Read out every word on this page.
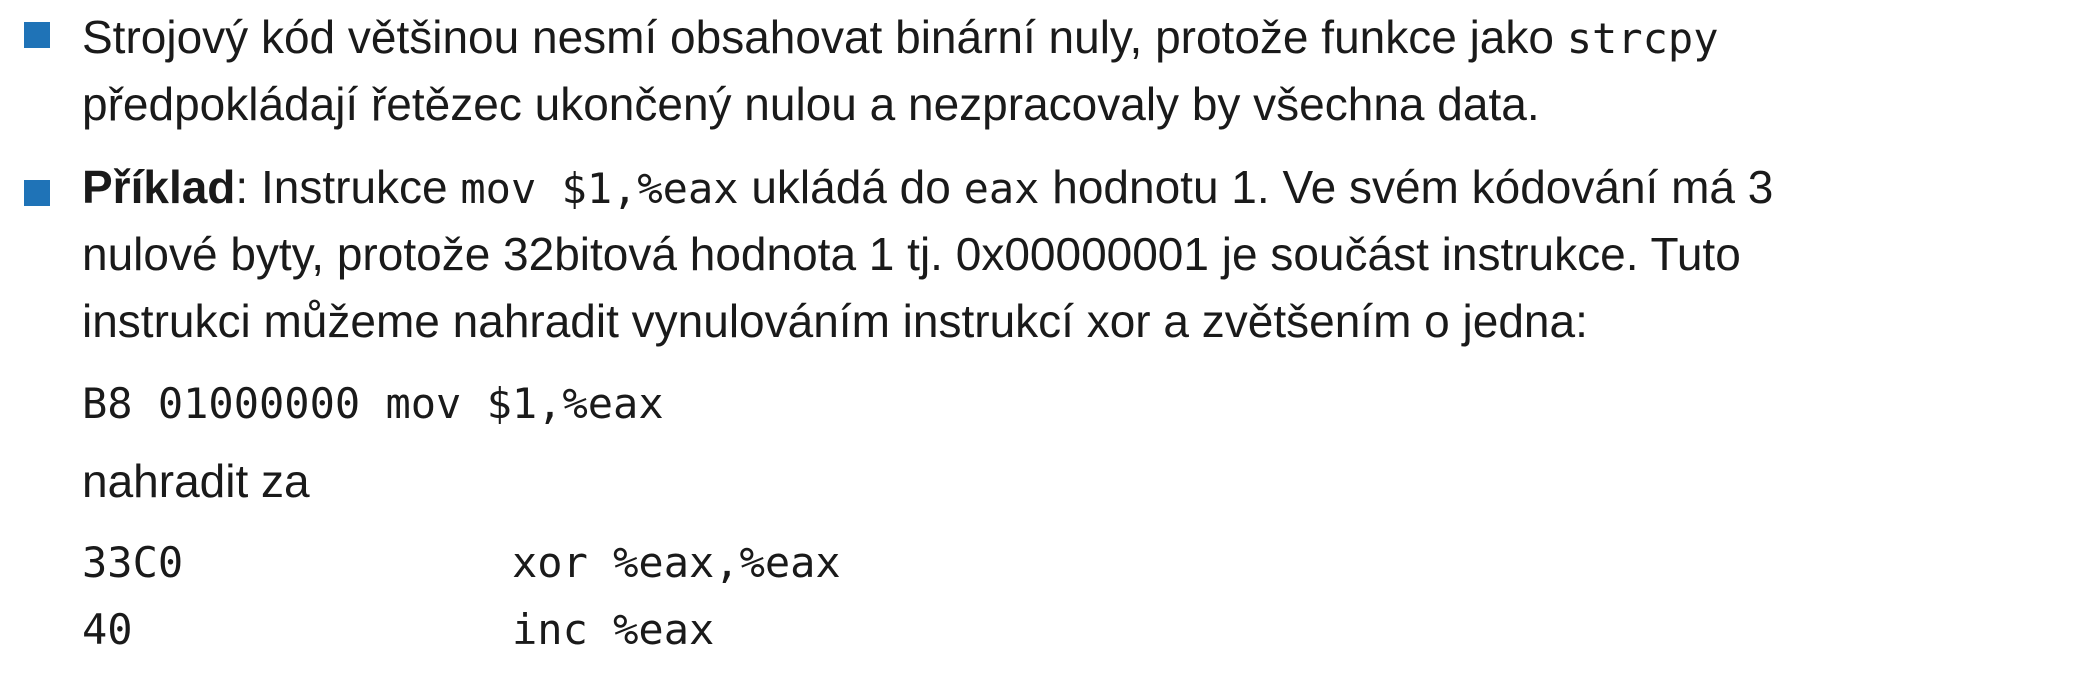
Strojový kód většinou nesmí obsahovat binární nuly, protože funkce jako strcpy
předpokládají řetězec ukončený nulou a nezpracovaly by všechna data.
Příklad: Instrukce mov $1,%eax ukládá do eax hodnotu 1. Ve svém kódování má 3
nulové byty, protože 32bitová hodnota 1 tj. 0x00000001 je součást instrukce. Tuto
instrukci můžeme nahradit vynulováním instrukcí xor a zvětšením o jedna:
B8 01000000 mov $1,%eax
nahradit za
33C0	xor %eax,%eax
40	inc %eax
